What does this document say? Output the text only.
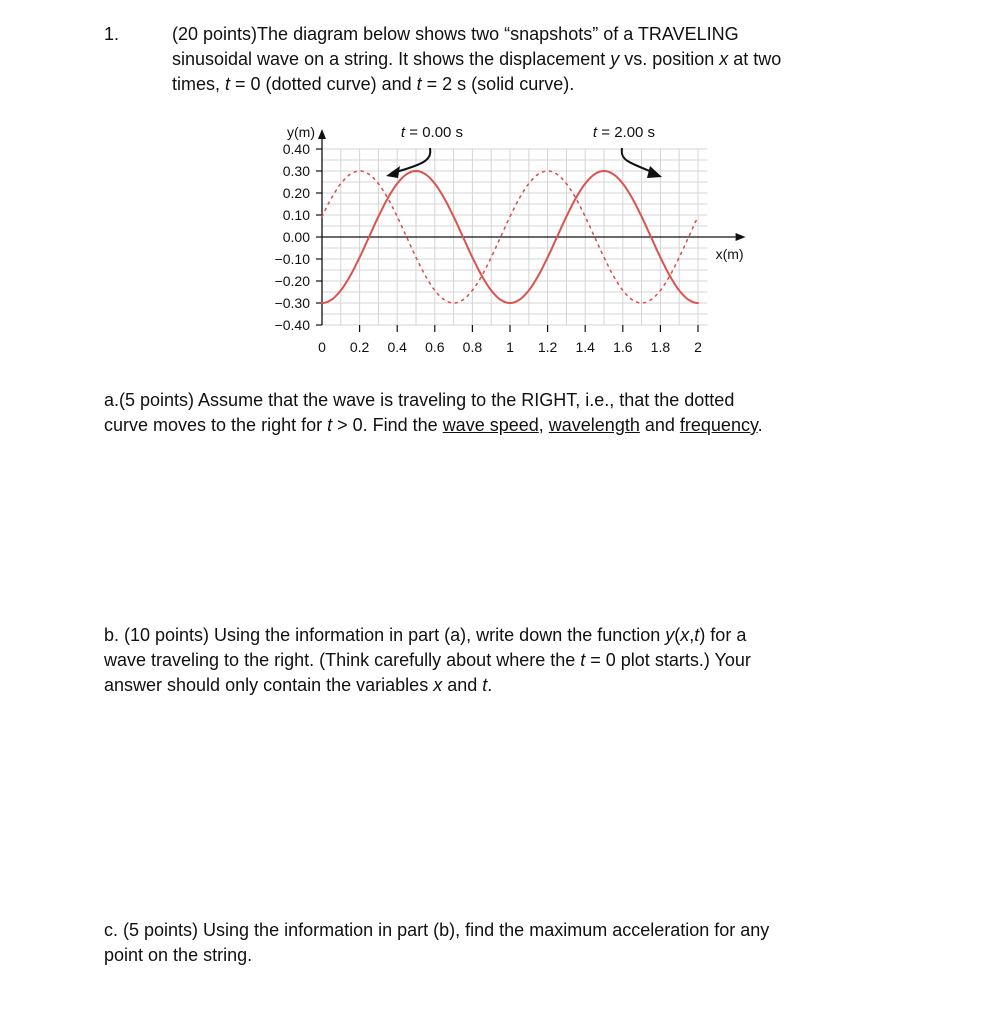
1.	(20 points)The diagram below shows two “snapshots” of a TRAVELING
sinusoidal wave on a string. It shows the displacement y vs. position x at two
times, t = 0 (dotted curve) and t = 2 s (solid curve).
0.40
0.30
0.20
0.10
0.00
−0.10
−0.20
−0.30
−0.40
0 0.2 0.4 0.6 0.8 1 1.2 1.4 1.6 1.8 2
y(m)
x(m)
t = 0.00 s	t = 2.00 s
a.(5 points) Assume that the wave is traveling to the RIGHT, i.e., that the dotted
curve moves to the right for t > 0. Find the wave speed, wavelength and frequency.
b. (10 points) Using the information in part (a), write down the function y(x,t) for a
wave traveling to the right. (Think carefully about where the t = 0 plot starts.) Your
answer should only contain the variables x and t.
c. (5 points) Using the information in part (b), find the maximum acceleration for any
point on the string.
